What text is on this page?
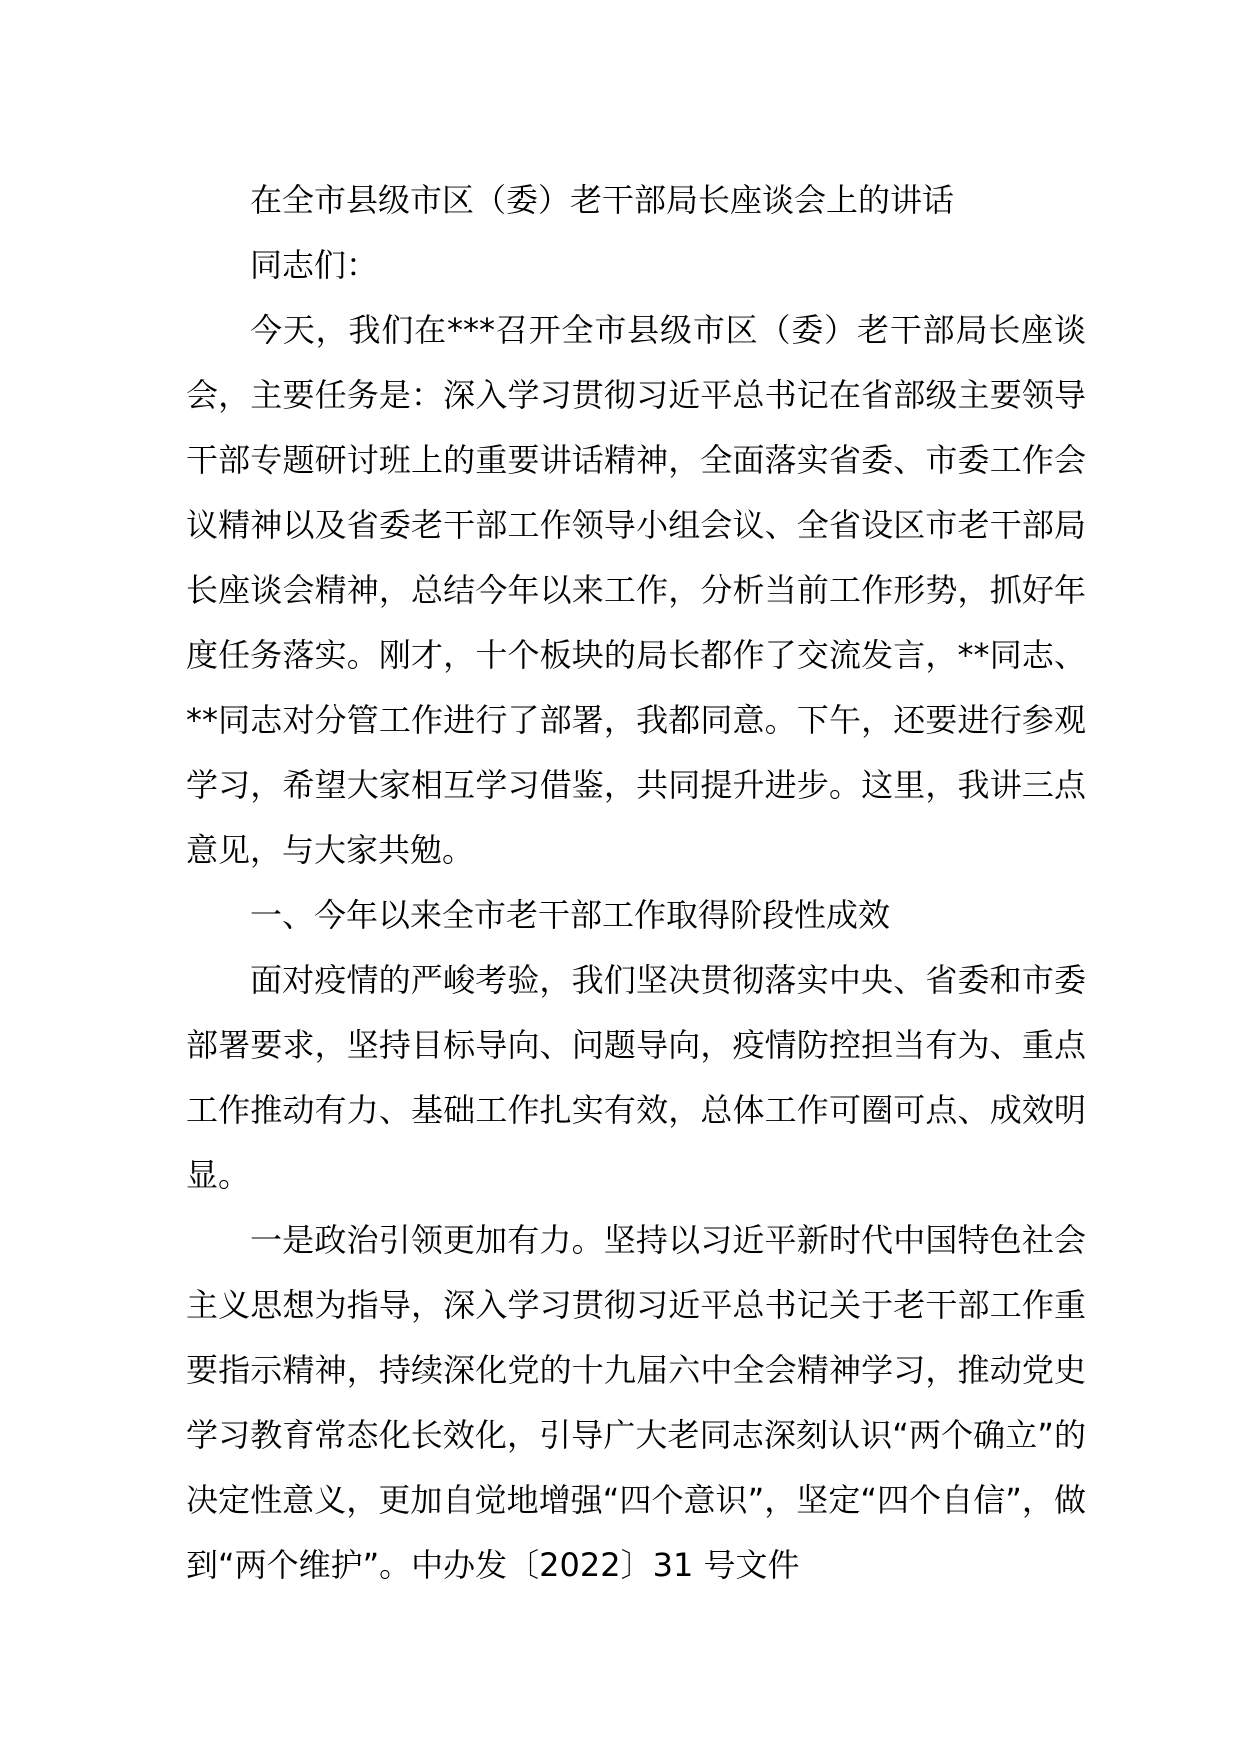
在全市县级市区（委）老干部局长座谈会上的讲话

同志们：

今天，我们在***召开全市县级市区（委）老干部局长座谈会，主要任务是：深入学习贯彻习近平总书记在省部级主要领导干部专题研讨班上的重要讲话精神，全面落实省委、市委工作会议精神以及省委老干部工作领导小组会议、全省设区市老干部局长座谈会精神，总结今年以来工作，分析当前工作形势，抓好年度任务落实。刚才，十个板块的局长都作了交流发言，**同志、**同志对分管工作进行了部署，我都同意。下午，还要进行参观学习，希望大家相互学习借鉴，共同提升进步。这里，我讲三点意见，与大家共勉。

一、今年以来全市老干部工作取得阶段性成效

面对疫情的严峻考验，我们坚决贯彻落实中央、省委和市委部署要求，坚持目标导向、问题导向，疫情防控担当有为、重点工作推动有力、基础工作扎实有效，总体工作可圈可点、成效明显。

一是政治引领更加有力。坚持以习近平新时代中国特色社会主义思想为指导，深入学习贯彻习近平总书记关于老干部工作重要指示精神，持续深化党的十九届六中全会精神学习，推动党史学习教育常态化长效化，引导广大老同志深刻认识“两个确立”的决定性意义，更加自觉地增强“四个意识”，坚定“四个自信”，做到“两个维护”。中办发〔2022〕31 号文件
